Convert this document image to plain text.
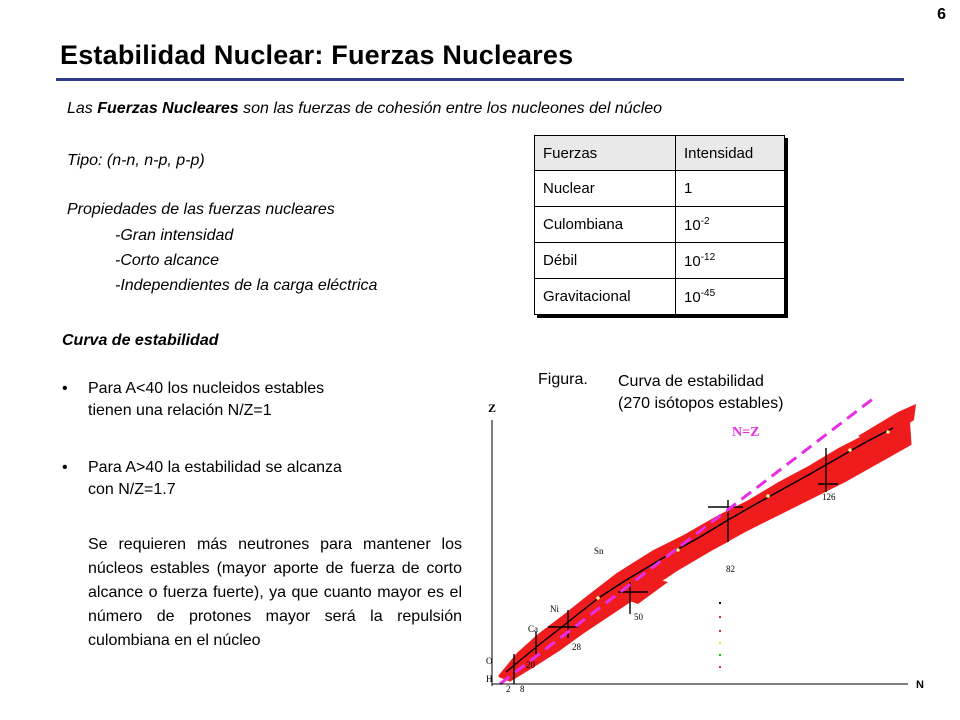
6
Estabilidad Nuclear: Fuerzas Nucleares
Las Fuerzas Nucleares son las fuerzas de cohesión entre los nucleones del núcleo
Tipo: (n-n, n-p, p-p)
Propiedades de las fuerzas nucleares
-Gran intensidad
-Corto alcance
-Independientes de la carga eléctrica
Fuerzas	Intensidad
Nuclear	1
Culombiana	$10^{-2}$
Débil	$10^{-12}$
Gravitacional	$10^{-45}$
Curva de estabilidad
• Para A<40 los nucleidos estables
tienen una relación N/Z=1
• Para A>40 la estabilidad se alcanza
con N/Z=1.7
Se requieren más neutrones para mantener los núcleos estables (mayor aporte de fuerza de corto alcance o fuerza fuerte), ya que cuanto mayor es el número de protones mayor será la repulsión culombiana en el núcleo
Figura. Curva de estabilidad
(270 isótopos estables)
N=Z
Z
N
Sn
Ni
Ca
O
H
2 8
20
28
50
82
126
